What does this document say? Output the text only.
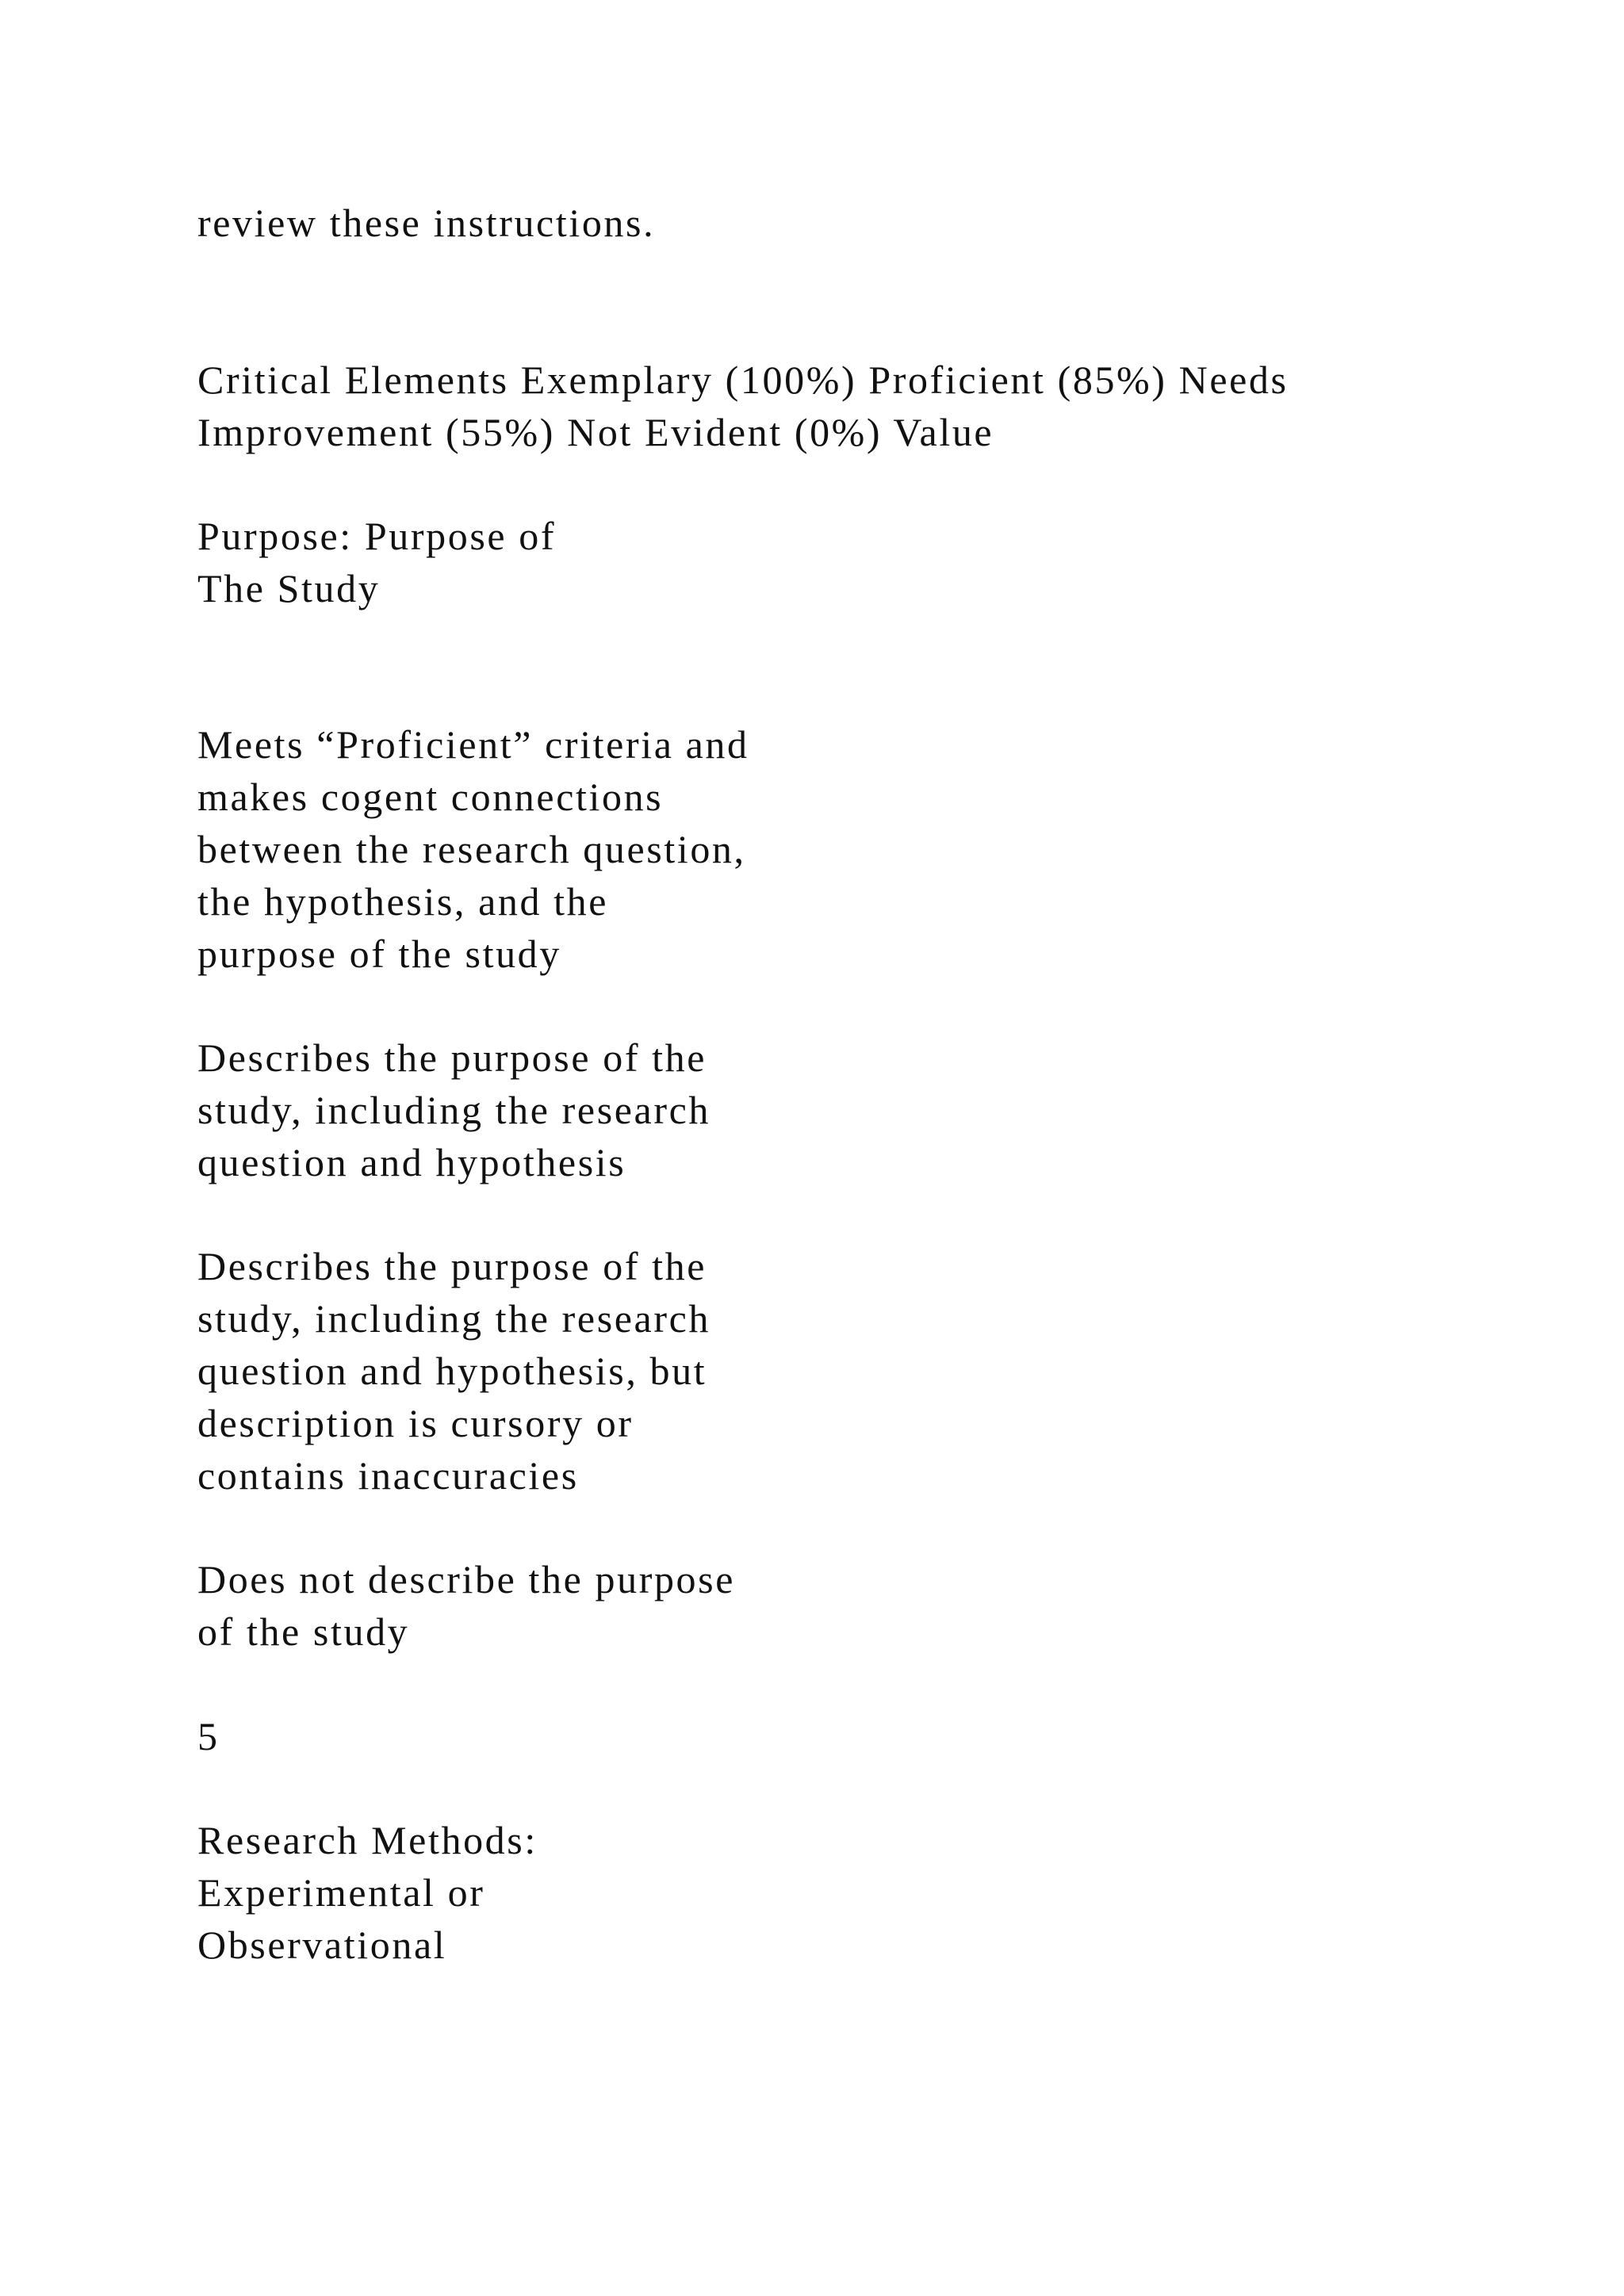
review these instructions.

Critical Elements Exemplary (100%) Proficient (85%) Needs
Improvement (55%) Not Evident (0%) Value

Purpose: Purpose of
The Study

Meets “Proficient” criteria and
makes cogent connections
between the research question,
the hypothesis, and the
purpose of the study

Describes the purpose of the
study, including the research
question and hypothesis

Describes the purpose of the
study, including the research
question and hypothesis, but
description is cursory or
contains inaccuracies

Does not describe the purpose
of the study

5

Research Methods:
Experimental or
Observational
